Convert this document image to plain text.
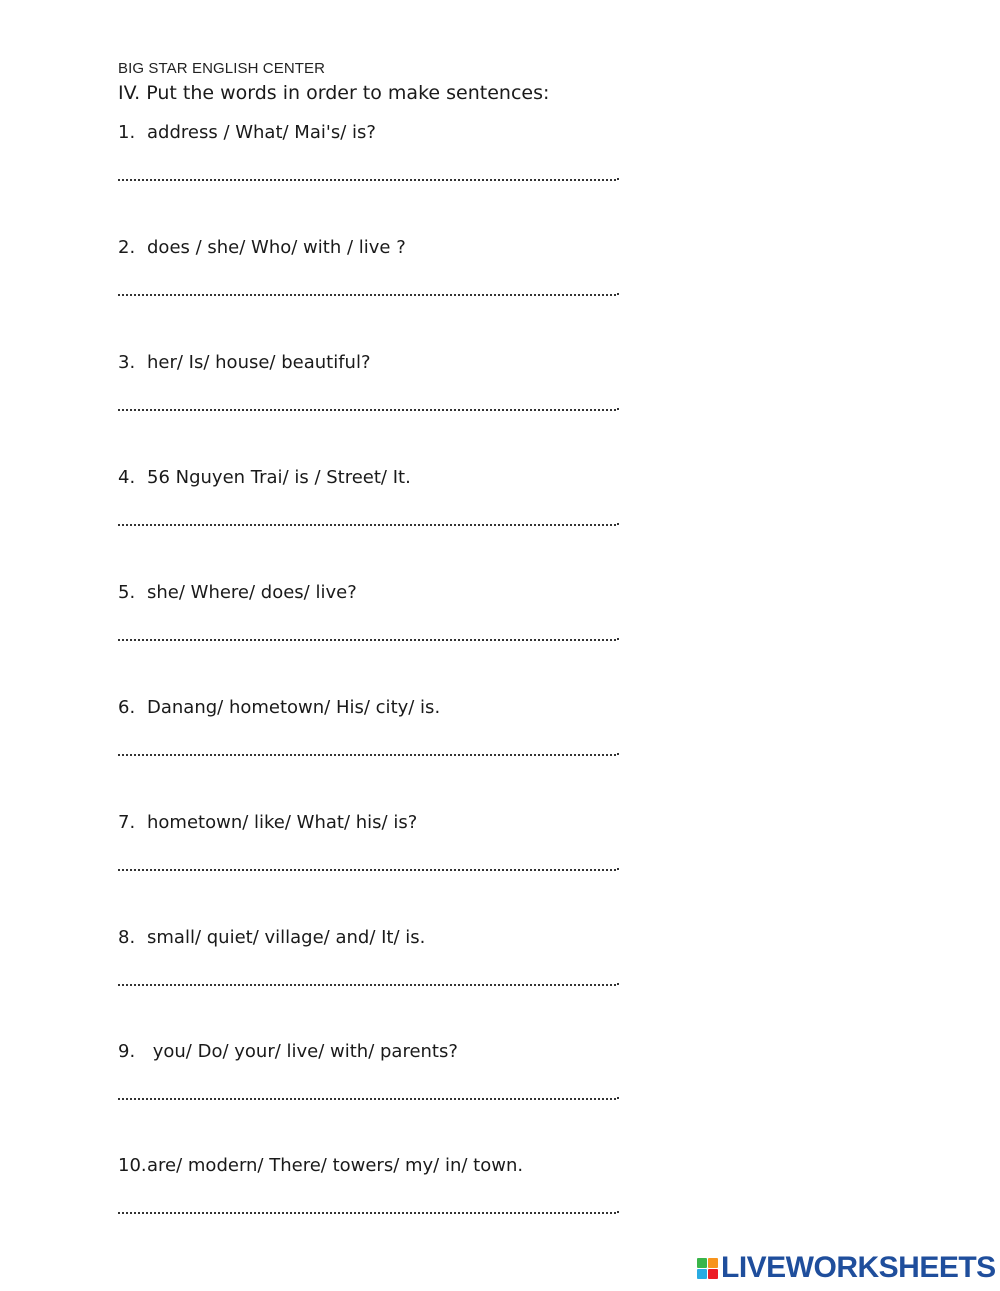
BIG STAR ENGLISH CENTER
IV. Put the words in order to make sentences:
1. address / What/ Mai's/ is?
2. does / she/ Who/ with / live ?
3. her/ Is/ house/ beautiful?
4. 56 Nguyen Trai/ is / Street/ It.
5. she/ Where/ does/ live?
6. Danang/ hometown/ His/ city/ is.
7. hometown/ like/ What/ his/ is?
8. small/ quiet/ village/ and/ It/ is.
9. you/ Do/ your/ live/ with/ parents?
10. are/ modern/ There/ towers/ my/ in/ town.
LIVEWORKSHEETS
